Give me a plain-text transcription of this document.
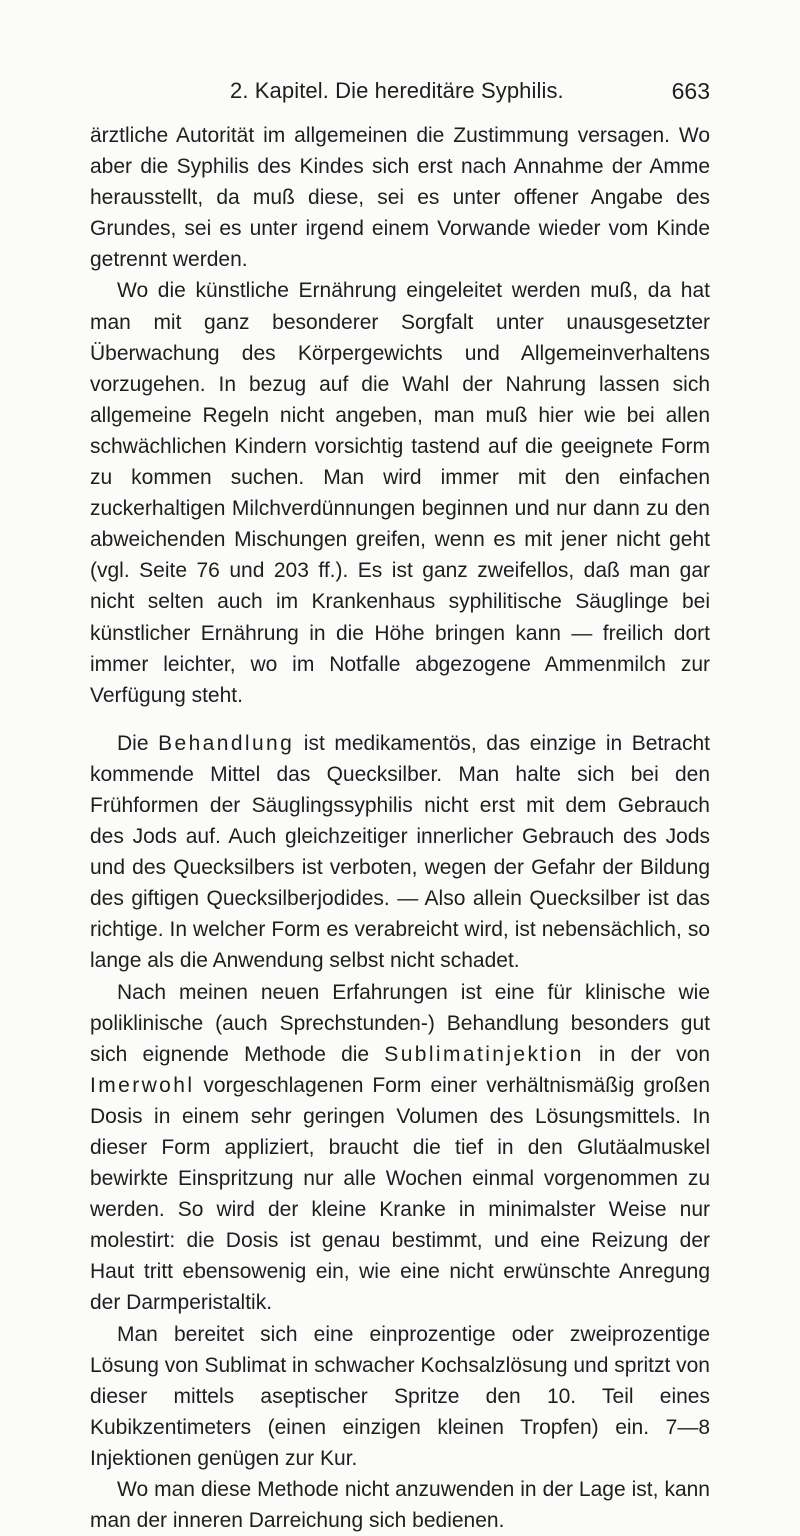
2. Kapitel. Die hereditäre Syphilis.	663

ärztliche Autorität im allgemeinen die Zustimmung versagen. Wo aber die Syphilis des Kindes sich erst nach Annahme der Amme herausstellt, da muß diese, sei es unter offener Angabe des Grundes, sei es unter irgend einem Vorwande wieder vom Kinde getrennt werden.

Wo die künstliche Ernährung eingeleitet werden muß, da hat man mit ganz besonderer Sorgfalt unter unausgesetzter Überwachung des Körpergewichts und Allgemeinverhaltens vorzugehen. In bezug auf die Wahl der Nahrung lassen sich allgemeine Regeln nicht angeben, man muß hier wie bei allen schwächlichen Kindern vorsichtig tastend auf die geeignete Form zu kommen suchen. Man wird immer mit den einfachen zuckerhaltigen Milchverdünnungen beginnen und nur dann zu den abweichenden Mischungen greifen, wenn es mit jener nicht geht (vgl. Seite 76 und 203 ff.). Es ist ganz zweifellos, daß man gar nicht selten auch im Krankenhaus syphilitische Säuglinge bei künstlicher Ernährung in die Höhe bringen kann — freilich dort immer leichter, wo im Notfalle abgezogene Ammenmilch zur Verfügung steht.

Die Behandlung ist medikamentös, das einzige in Betracht kommende Mittel das Quecksilber. Man halte sich bei den Frühformen der Säuglingssyphilis nicht erst mit dem Gebrauch des Jods auf. Auch gleichzeitiger innerlicher Gebrauch des Jods und des Quecksilbers ist verboten, wegen der Gefahr der Bildung des giftigen Quecksilberjodides. — Also allein Quecksilber ist das richtige. In welcher Form es verabreicht wird, ist nebensächlich, so lange als die Anwendung selbst nicht schadet.

Nach meinen neuen Erfahrungen ist eine für klinische wie poliklinische (auch Sprechstunden-) Behandlung besonders gut sich eignende Methode die Sublimatinjektion in der von Imerwohl vorgeschlagenen Form einer verhältnismäßig großen Dosis in einem sehr geringen Volumen des Lösungsmittels. In dieser Form appliziert, braucht die tief in den Glutäalmuskel bewirkte Einspritzung nur alle Wochen einmal vorgenommen zu werden. So wird der kleine Kranke in minimalster Weise nur molestirt: die Dosis ist genau bestimmt, und eine Reizung der Haut tritt ebensowenig ein, wie eine nicht erwünschte Anregung der Darmperistaltik.

Man bereitet sich eine einprozentige oder zweiprozentige Lösung von Sublimat in schwacher Kochsalzlösung und spritzt von dieser mittels aseptischer Spritze den 10. Teil eines Kubikzentimeters (einen einzigen kleinen Tropfen) ein. 7—8 Injektionen genügen zur Kur.

Wo man diese Methode nicht anzuwenden in der Lage ist, kann man der inneren Darreichung sich bedienen.
